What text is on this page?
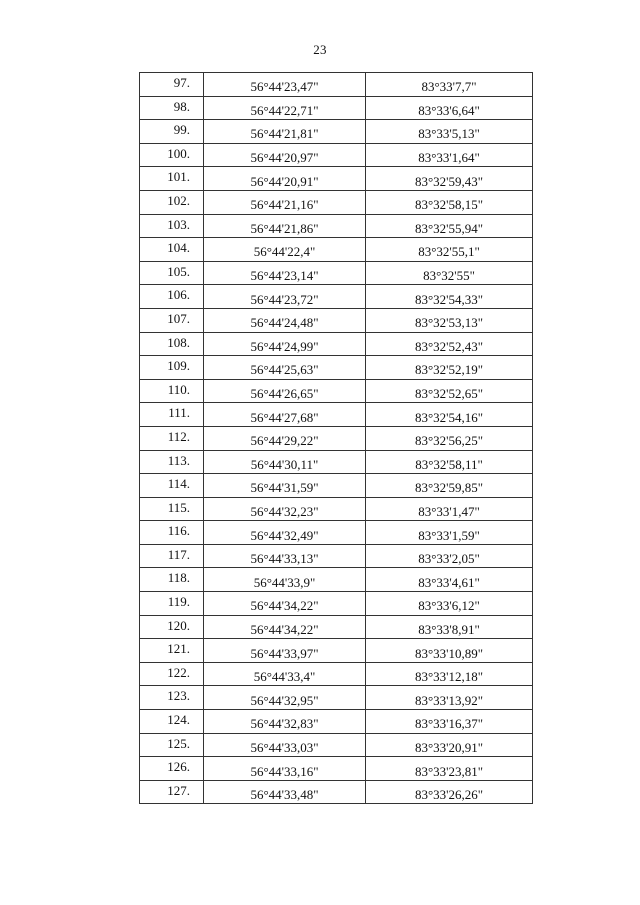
23
97.	56°44'23,47"	83°33'7,7"
98.	56°44'22,71"	83°33'6,64"
99.	56°44'21,81"	83°33'5,13"
100.	56°44'20,97"	83°33'1,64"
101.	56°44'20,91"	83°32'59,43"
102.	56°44'21,16"	83°32'58,15"
103.	56°44'21,86"	83°32'55,94"
104.	56°44'22,4"	83°32'55,1"
105.	56°44'23,14"	83°32'55"
106.	56°44'23,72"	83°32'54,33"
107.	56°44'24,48"	83°32'53,13"
108.	56°44'24,99"	83°32'52,43"
109.	56°44'25,63"	83°32'52,19"
110.	56°44'26,65"	83°32'52,65"
111.	56°44'27,68"	83°32'54,16"
112.	56°44'29,22"	83°32'56,25"
113.	56°44'30,11"	83°32'58,11"
114.	56°44'31,59"	83°32'59,85"
115.	56°44'32,23"	83°33'1,47"
116.	56°44'32,49"	83°33'1,59"
117.	56°44'33,13"	83°33'2,05"
118.	56°44'33,9"	83°33'4,61"
119.	56°44'34,22"	83°33'6,12"
120.	56°44'34,22"	83°33'8,91"
121.	56°44'33,97"	83°33'10,89"
122.	56°44'33,4"	83°33'12,18"
123.	56°44'32,95"	83°33'13,92"
124.	56°44'32,83"	83°33'16,37"
125.	56°44'33,03"	83°33'20,91"
126.	56°44'33,16"	83°33'23,81"
127.	56°44'33,48"	83°33'26,26"
